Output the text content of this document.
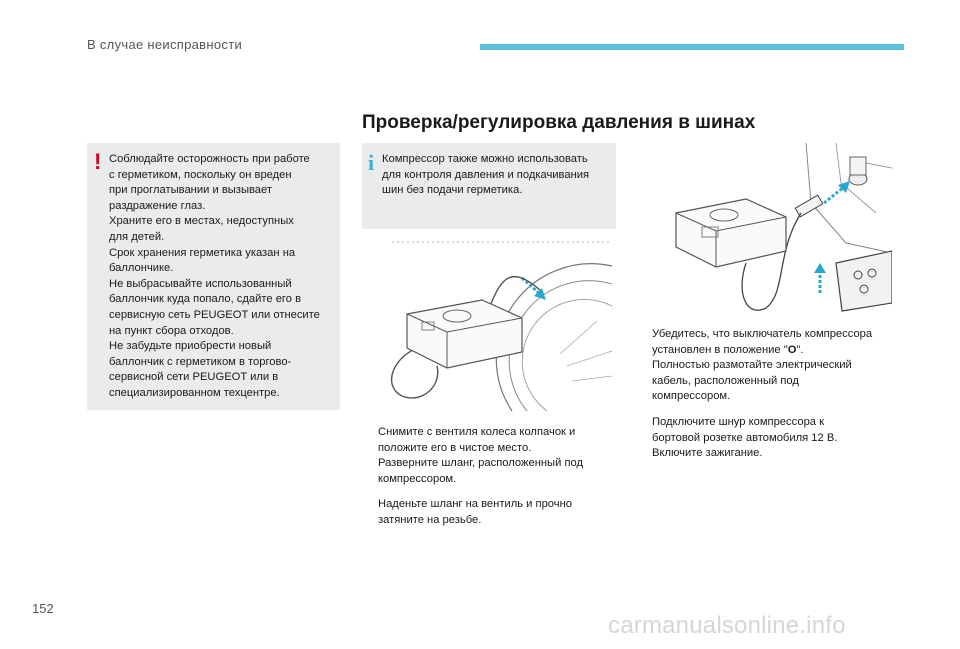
В случае неисправности
Проверка/регулировка давления в шинах
! Соблюдайте осторожность при работе
с герметиком, поскольку он вреден
при проглатывании и вызывает
раздражение глаз.
Храните его в местах, недоступных
для детей.
Срок хранения герметика указан на
баллончике.
Не выбрасывайте использованный
баллончик куда попало, сдайте его в
сервисную сеть PEUGEOT или отнесите
на пункт сбора отходов.
Не забудьте приобрести новый
баллончик с герметиком в торгово-
сервисной сети PEUGEOT или в
специализированном техцентре.
i Компрессор также можно использовать
для контроля давления и подкачивания
шин без подачи герметика.
Снимите с вентиля колеса колпачок и
положите его в чистое место.
Разверните шланг, расположенный под
компрессором.
Наденьте шланг на вентиль и прочно
затяните на резьбе.
Убедитесь, что выключатель компрессора
установлен в положение "O".
Полностью размотайте электрический
кабель, расположенный под
компрессором.
Подключите шнур компрессора к
бортовой розетке автомобиля 12 В.
Включите зажигание.
152
carmanualsonline.info
